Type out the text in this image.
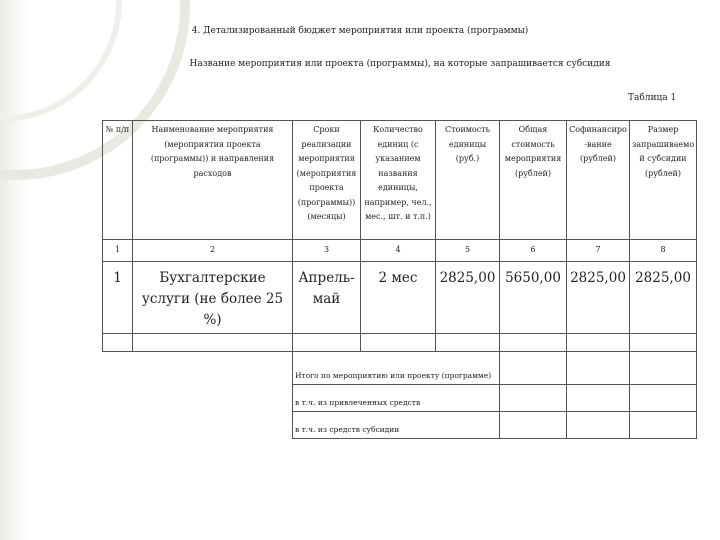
4. Детализированный бюджет мероприятия или проекта (программы)
Название мероприятия или проекта (программы), на которые запрашивается субсидия
Таблица 1
№ п/п	Наименование мероприятия (мероприятия проекта (программы)) и направления расходов	Сроки реализации мероприятия (мероприятия проекта (программы)) (месяцы)	Количество единиц (с указанием названия единицы, например, чел., мес., шт. и т.п.)	Стоимость единицы (руб.)	Общая стоимость мероприятия (рублей)	Софинансиро -вание (рублей)	Размер запрашиваемо й субсидии (рублей)
1	2	3	4	5	6	7	8
1	Бухгалтерские услуги (не более 25 %)	Апрель-май	2 мес	2825,00	5650,00	2825,00	2825,00

		Итого по мероприятию или проекту (программе)					
		в т.ч. из привлеченных средств					
		в т.ч. из средств субсидии					
